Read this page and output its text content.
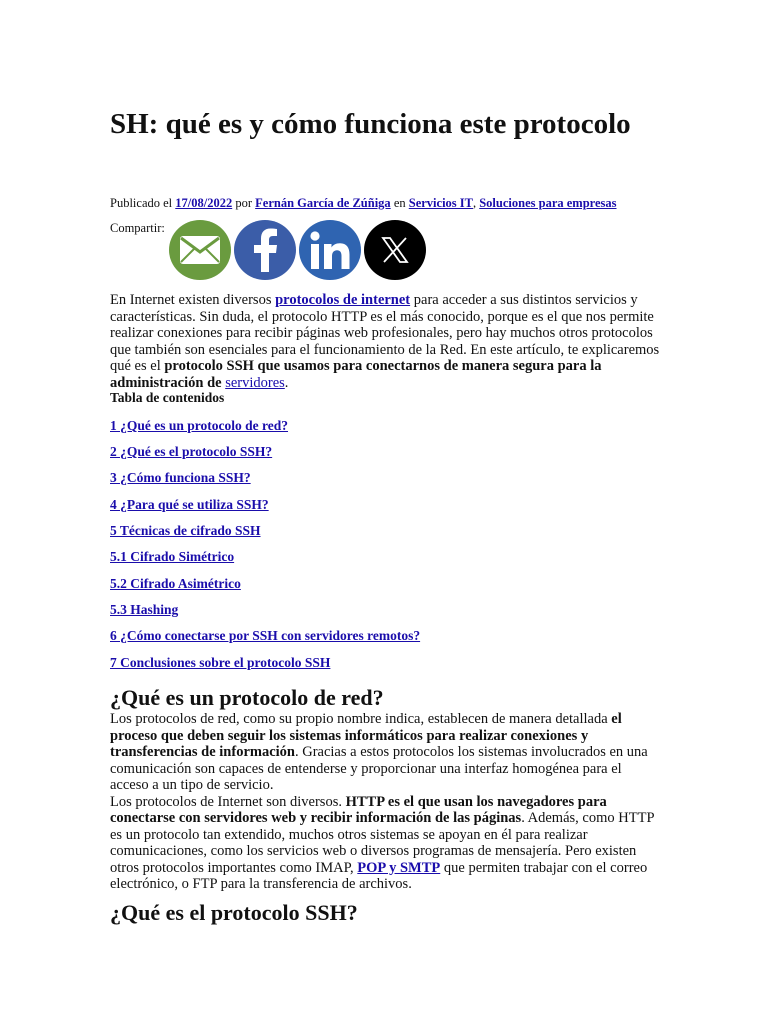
SH: qué es y cómo funciona este protocolo
Publicado el 17/08/2022 por Fernán García de Zúñiga en Servicios IT, Soluciones para empresas
Compartir:

En Internet existen diversos protocolos de internet para acceder a sus distintos servicios y características. Sin duda, el protocolo HTTP es el más conocido, porque es el que nos permite realizar conexiones para recibir páginas web profesionales, pero hay muchos otros protocolos que también son esenciales para el funcionamiento de la Red. En este artículo, te explicaremos qué es el protocolo SSH que usamos para conectarnos de manera segura para la administración de servidores.

Tabla de contenidos
1 ¿Qué es un protocolo de red?
2 ¿Qué es el protocolo SSH?
3 ¿Cómo funciona SSH?
4 ¿Para qué se utiliza SSH?
5 Técnicas de cifrado SSH
5.1 Cifrado Simétrico
5.2 Cifrado Asimétrico
5.3 Hashing
6 ¿Cómo conectarse por SSH con servidores remotos?
7 Conclusiones sobre el protocolo SSH
¿Qué es un protocolo de red?

Los protocolos de red, como su propio nombre indica, establecen de manera detallada el proceso que deben seguir los sistemas informáticos para realizar conexiones y transferencias de información. Gracias a estos protocolos los sistemas involucrados en una comunicación son capaces de entenderse y proporcionar una interfaz homogénea para el acceso a un tipo de servicio.

Los protocolos de Internet son diversos. HTTP es el que usan los navegadores para conectarse con servidores web y recibir información de las páginas. Además, como HTTP es un protocolo tan extendido, muchos otros sistemas se apoyan en él para realizar comunicaciones, como los servicios web o diversos programas de mensajería. Pero existen otros protocolos importantes como IMAP, POP y SMTP que permiten trabajar con el correo electrónico, o FTP para la transferencia de archivos.

¿Qué es el protocolo SSH?
